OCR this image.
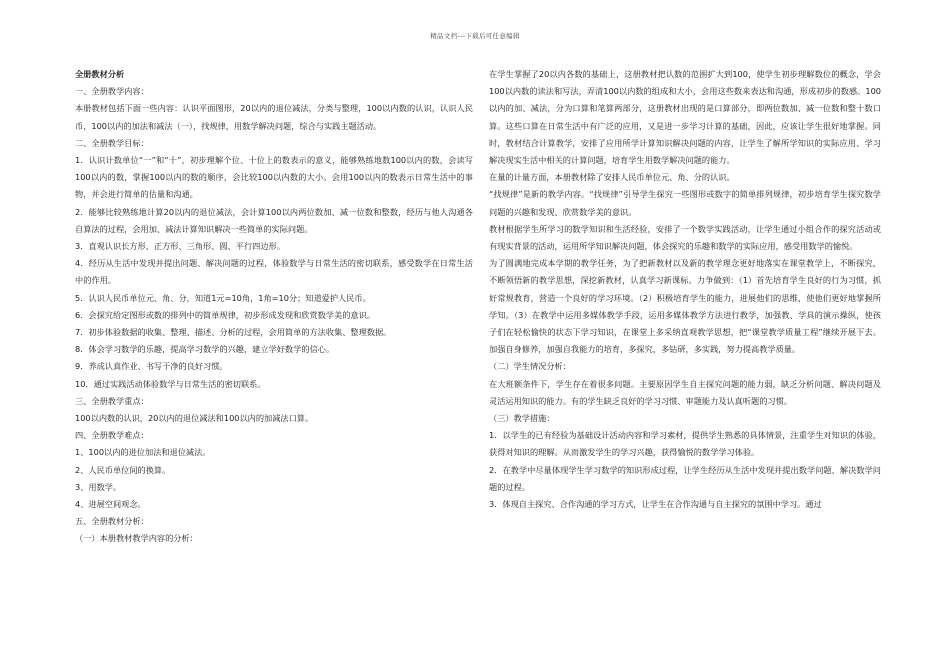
精品文档---下载后可任意编辑
全册教材分析

一、全册教学内容：

本册教材包括下面一些内容：认识平面图形，20以内的退位减法，分类与整理，100以内数的认识，认识人民币，100以内的加法和减法（一），找规律，用数学解决问题，综合与实践主题活动。

二、全册教学目标：

1．认识计数单位“一”和“十”，初步理解个位、十位上的数表示的意义，能够熟练地数100以内的数，会读写100以内的数，掌握100以内的数的顺序，会比较100以内数的大小。会用100以内的数表示日常生活中的事物，并会进行简单的估量和沟通。

2．能够比较熟练地计算20以内的退位减法，会计算100以内两位数加、减一位数和整数，经历与他人沟通各自算法的过程，会用加、减法计算知识解决一些简单的实际问题。

3．直观认识长方形、正方形、三角形、圆、平行四边形。

4．经历从生活中发现并提出问题、解决问题的过程，体验数学与日常生活的密切联系，感受数学在日常生活中的作用。

5．认识人民币单位元、角、分，知道1元=10角，1角=10分；知道爱护人民币。

6．会探究给定图形或数的排列中的简单规律，初步形成发现和欣赏数学美的意识。

7．初步体验数据的收集、整理、描述、分析的过程，会用简单的方法收集、整理数据。

8．体会学习数学的乐趣，提高学习数学的兴趣，建立学好数学的信心。

9．养成认真作业、书写干净的良好习惯。

10．通过实践活动体验数学与日常生活的密切联系。

三、全册教学重点：

100以内数的认识，20以内的退位减法和100以内的加减法口算。

四、全册教学难点：

1、100以内的进位加法和退位减法。

2、人民币单位间的换算。

3、用数学。

4、进展空间观念。

五、全册教材分析：

（一）本册教材教学内容的分析：

在学生掌握了20以内各数的基础上，这册教材把认数的范围扩大到100，使学生初步理解数位的概念，学会100以内数的读法和写法，弄清100以内数的组成和大小，会用这些数来表达和沟通，形成初步的数感。100以内的加、减法，分为口算和笔算两部分，这册教材出现的是口算部分，即两位数加、减一位数和整十数口算。这些口算在日常生活中有广泛的应用，又是进一步学习计算的基础，因此，应该让学生很好地掌握。同时，教材结合计算教学，安排了应用所学计算知识解决问题的内容，让学生了解所学知识的实际应用、学习解决现实生活中相关的计算问题，培育学生用数学解决问题的能力。

在量的计量方面，本册教材除了安排人民币单位元、角、分的认识。

“找规律”是新的教学内容。“找规律”引导学生探究一些图形或数字的简单排列规律，初步培育学生探究数学问题的兴趣和发现、欣赏数学美的意识。

教材根据学生所学习的数学知识和生活经验，安排了一个数学实践活动，让学生通过小组合作的探究活动或有现实背景的活动，运用所学知识解决问题，体会探究的乐趣和数学的实际应用，感受用数学的愉悦。

为了圆满地完成本学期的教学任务，为了把新教材以及新的教学理念更好地落实在课堂教学上，不断探究，不断领悟新的教学思想，深挖新教材，认真学习新课标。力争做到：（1）首先培育学生良好的行为习惯，抓好常规教育，营造一个良好的学习环境。（2）积极培育学生的能力，进展他们的思维，使他们更好地掌握所学知。（3）在教学中运用多媒体教学手段，运用多媒体教学方法进行教学，加强教、学具的演示操纵，使孩子们在轻松愉快的状态下学习知识，在课堂上多采纳直观教学思想，把“课堂教学质量工程”继续开展下去。加强自身修养，加强自我能力的培育，多探究，多钻研，多实践，努力提高教学质量。

（二）学生情况分析：

在大班额条件下，学生存在着很多问题。主要原因学生自主探究问题的能力弱，缺乏分析问题、解决问题及灵活运用知识的能力。有的学生缺乏良好的学习习惯、审题能力及认真听题的习惯。

（三）教学措施：

1．以学生的已有经验为基础设计活动内容和学习素材，提供学生熟悉的具体情景，注重学生对知识的体验，获得对知识的理解。从而激发学生的学习兴趣，获得愉悦的数学学习体验。

2．在教学中尽量体现学生学习数学的知识形成过程，让学生经历从生活中发现并提出数学问题、解决数学问题的过程。

3．体现自主探究、合作沟通的学习方式，让学生在合作沟通与自主探究的氛围中学习。通过
